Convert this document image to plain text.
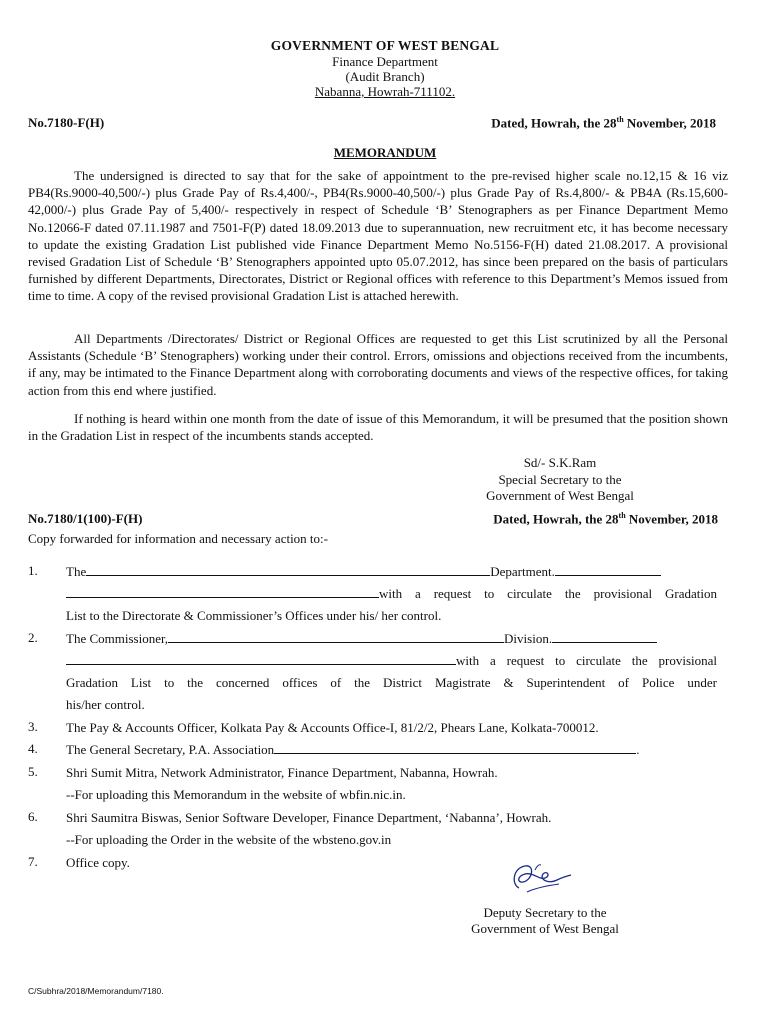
GOVERNMENT OF WEST BENGAL
Finance Department
(Audit Branch)
Nabanna, Howrah-711102.
No.7180-F(H)	Dated, Howrah, the 28th November, 2018
MEMORANDUM
The undersigned is directed to say that for the sake of appointment to the pre-revised higher scale no.12,15 & 16 viz PB4(Rs.9000-40,500/-) plus Grade Pay of Rs.4,400/-, PB4(Rs.9000-40,500/-) plus Grade Pay of Rs.4,800/- & PB4A (Rs.15,600-42,000/-) plus Grade Pay of 5,400/- respectively in respect of Schedule ‘B’ Stenographers as per Finance Department Memo No.12066-F dated 07.11.1987 and 7501-F(P) dated 18.09.2013 due to superannuation, new recruitment etc, it has become necessary to update the existing Gradation List published vide Finance Department Memo No.5156-F(H) dated 21.08.2017. A provisional revised Gradation List of Schedule ‘B’ Stenographers appointed upto 05.07.2012, has since been prepared on the basis of particulars furnished by different Departments, Directorates, District or Regional offices with reference to this Department’s Memos issued from time to time. A copy of the revised provisional Gradation List is attached herewith.
All Departments /Directorates/ District or Regional Offices are requested to get this List scrutinized by all the Personal Assistants (Schedule ‘B’ Stenographers) working under their control. Errors, omissions and objections received from the incumbents, if any, may be intimated to the Finance Department along with corroborating documents and views of the respective offices, for taking action from this end where justified.
If nothing is heard within one month from the date of issue of this Memorandum, it will be presumed that the position shown in the Gradation List in respect of the incumbents stands accepted.
Sd/- S.K.Ram
Special Secretary to the
Government of West Bengal
No.7180/1(100)-F(H)	Dated, Howrah, the 28th November, 2018
Copy forwarded for information and necessary action to:-
1.	The	Department.
with a request to circulate the provisional Gradation
List to the Directorate & Commissioner’s Offices under his/ her control.
2.	The Commissioner,	Division.
with a request to circulate the provisional
Gradation List to the concerned offices of the District Magistrate & Superintendent of Police under
his/her control.
3.	The Pay & Accounts Officer, Kolkata Pay & Accounts Office-I, 81/2/2, Phears Lane, Kolkata-700012.
4.	The General Secretary, P.A. Association	.
5.	Shri Sumit Mitra, Network Administrator, Finance Department, Nabanna, Howrah.
--For uploading this Memorandum in the website of wbfin.nic.in.
6.	Shri Saumitra Biswas, Senior Software Developer, Finance Department, ‘Nabanna’, Howrah.
--For uploading the Order in the website of the wbsteno.gov.in
7.	Office copy.
Deputy Secretary to the
Government of West Bengal
C/Subhra/2018/Memorandum/7180.
